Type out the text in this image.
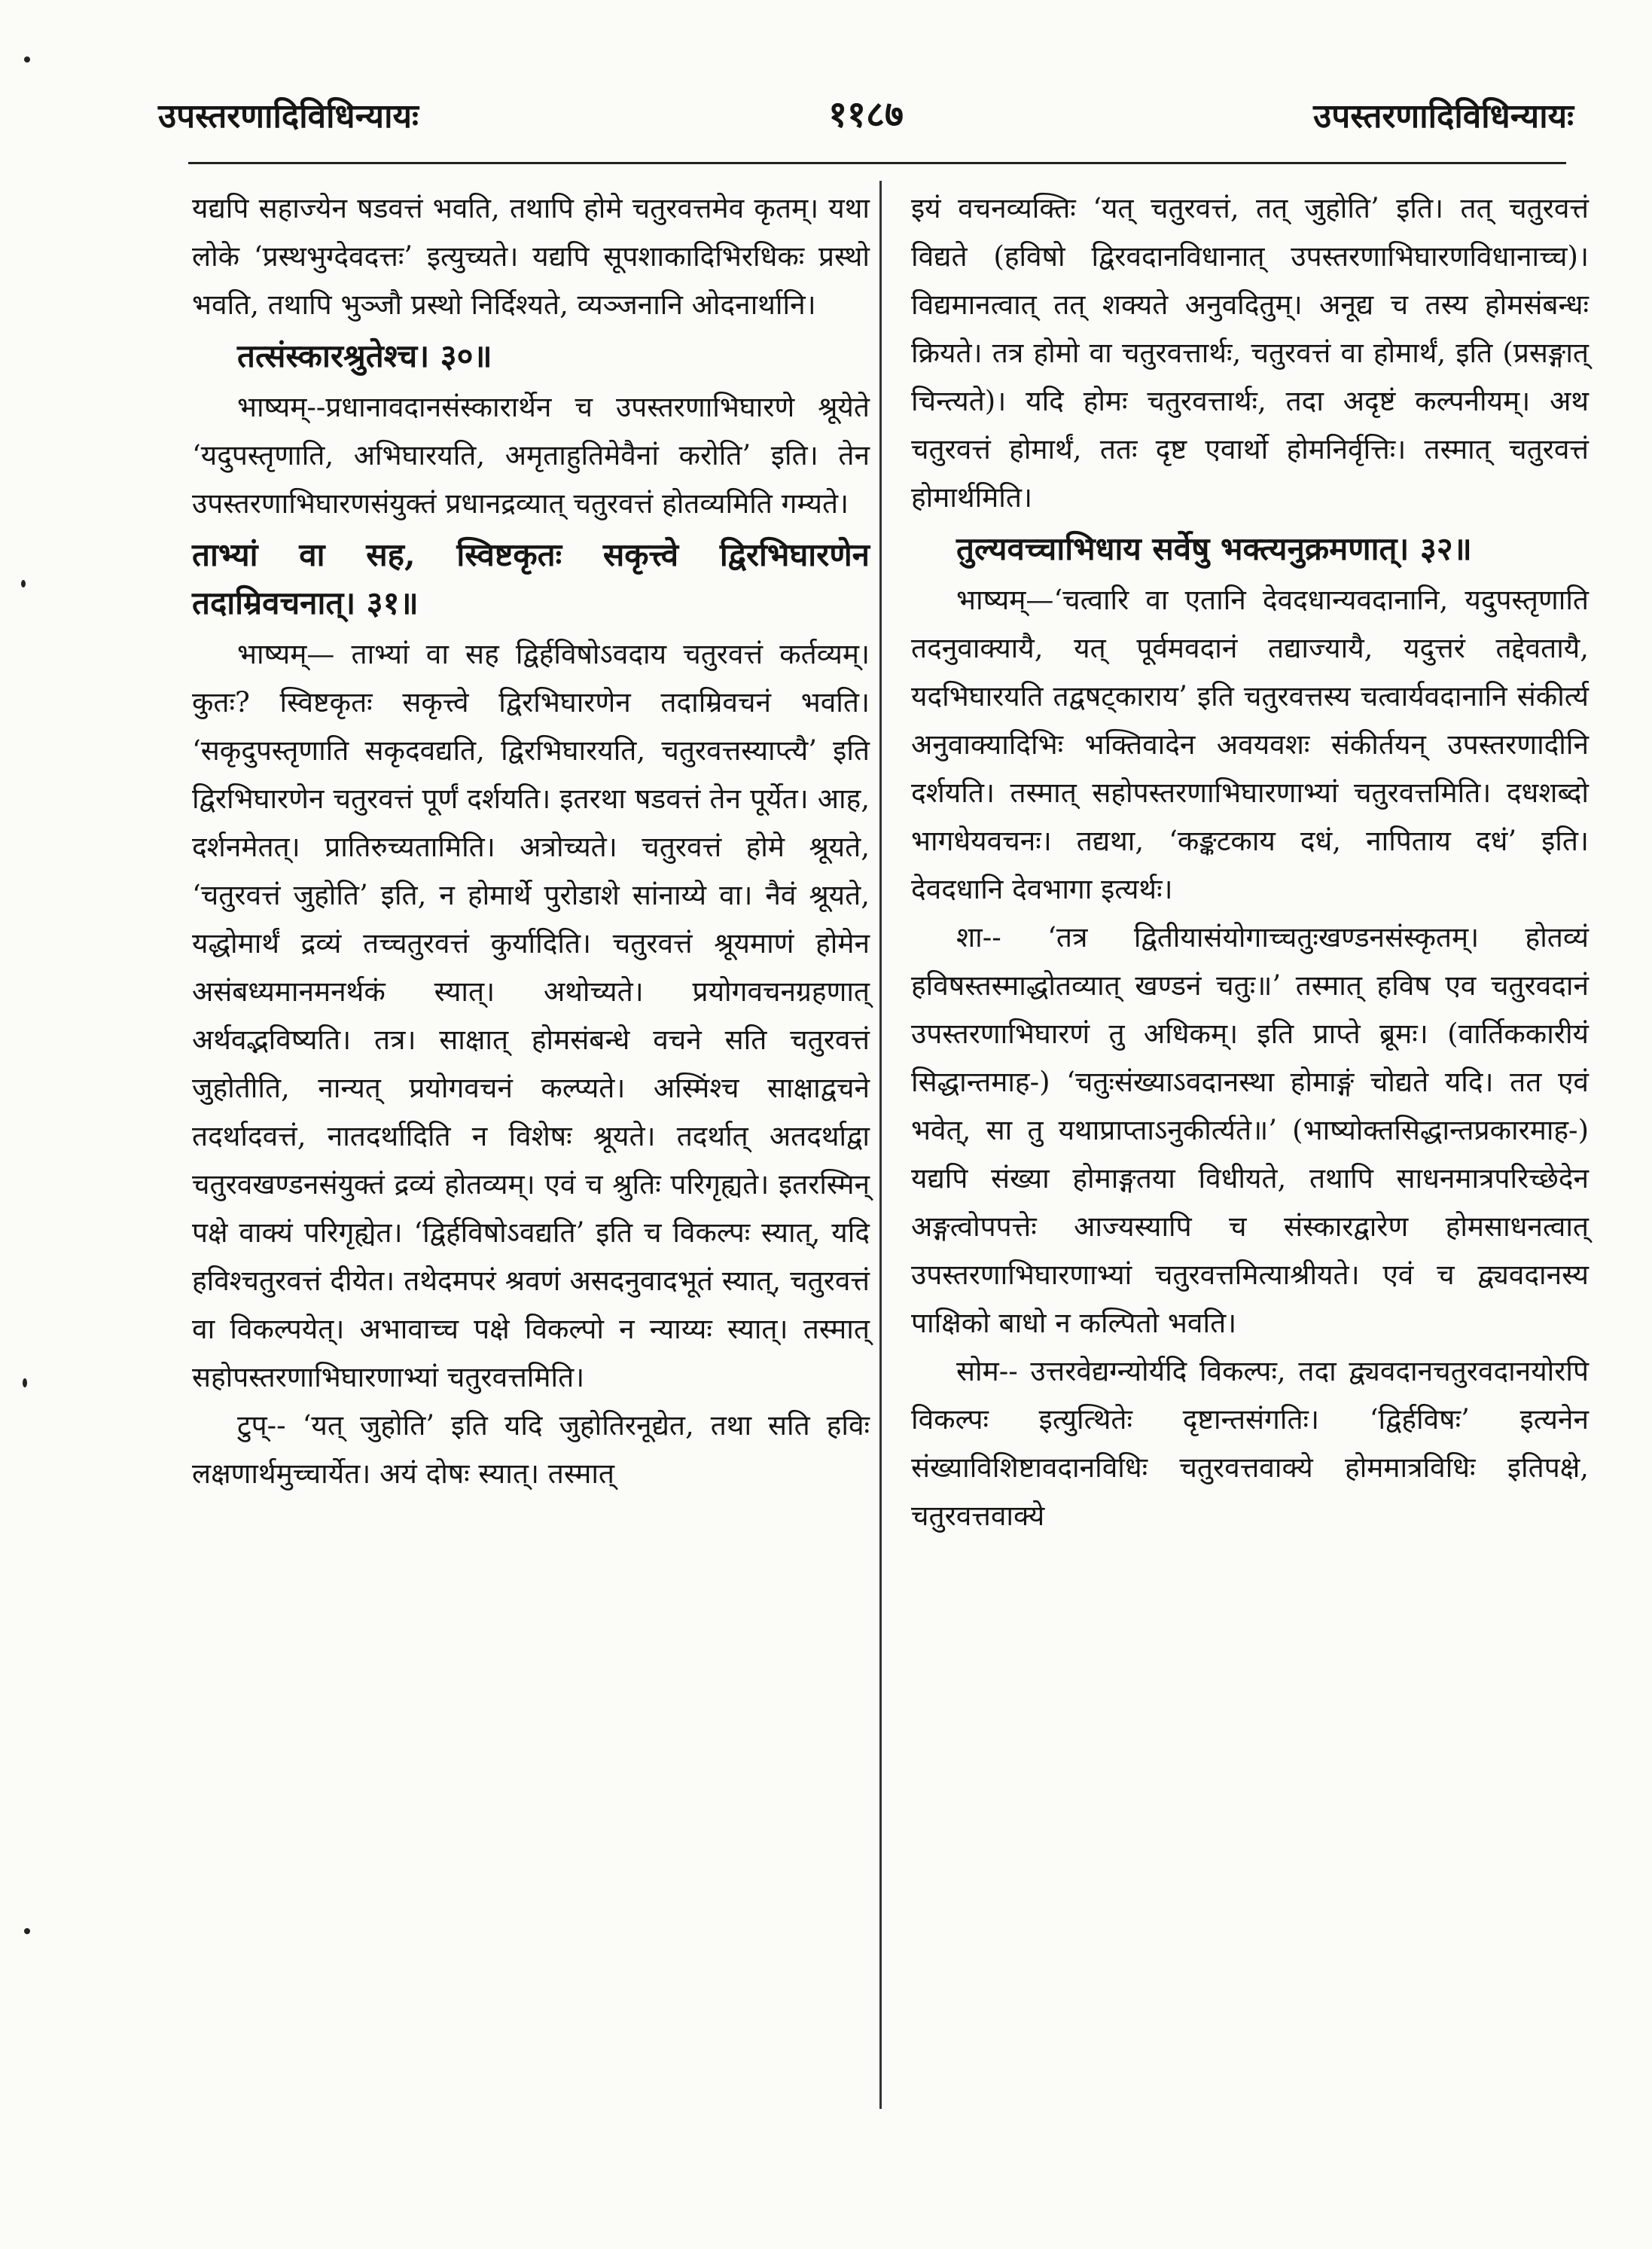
उपस्तरणादिविधिन्यायः	११८७	उपस्तरणादिविधिन्यायः

यद्यपि सहाज्येन षडवत्तं भवति, तथापि होमे चतुरवत्तमेव कृतम्। यथा लोके ‘प्रस्थभुग्देवदत्तः’ इत्युच्यते। यद्यपि सूपशाकादिभिरधिकः प्रस्थो भवति, तथापि भुञ्जौ प्रस्थो निर्दिश्यते, व्यञ्जनानि ओदनार्थानि।

तत्संस्कारश्रुतेश्च। ३०॥

भाष्यम्--प्रधानावदानसंस्कारार्थेन च उपस्तरणाभिघारणे श्रूयेते ‘यदुपस्तृणाति, अभिघारयति, अमृताहुतिमेवैनां करोति’ इति। तेन उपस्तरणाभिघारणसंयुक्तं प्रधानद्रव्यात् चतुरवत्तं होतव्यमिति गम्यते।

ताभ्यां वा सह, स्विष्टकृतः सकृत्त्वे द्विरभिघारणेन तदाम्रिवचनात्। ३१॥

भाष्यम्— ताभ्यां वा सह द्विर्हविषोऽवदाय चतुरवत्तं कर्तव्यम्। कुतः? स्विष्टकृतः सकृत्त्वे द्विरभिघारणेन तदाम्रिवचनं भवति। ‘सकृदुपस्तृणाति सकृदवद्यति, द्विरभिघारयति, चतुरवत्तस्याप्त्यै’ इति द्विरभिघारणेन चतुरवत्तं पूर्णं दर्शयति। इतरथा षडवत्तं तेन पूर्येत। आह, दर्शनमेतत्। प्रातिरुच्यतामिति। अत्रोच्यते। चतुरवत्तं होमे श्रूयते, ‘चतुरवत्तं जुहोति’ इति, न होमार्थे पुरोडाशे सांनाय्ये वा। नैवं श्रूयते, यद्धोमार्थं द्रव्यं तच्चतुरवत्तं कुर्यादिति। चतुरवत्तं श्रूयमाणं होमेन असंबध्यमानमनर्थकं स्यात्। अथोच्यते। प्रयोगवचनग्रहणात् अर्थवद्भविष्यति। तत्र। साक्षात् होमसंबन्धे वचने सति चतुरवत्तं जुहोतीति, नान्यत् प्रयोगवचनं कल्प्यते। अस्मिंश्च साक्षाद्वचने तदर्थादवत्तं, नातदर्थादिति न विशेषः श्रूयते। तदर्थात् अतदर्थाद्वा चतुरवखण्डनसंयुक्तं द्रव्यं होतव्यम्। एवं च श्रुतिः परिगृह्यते। इतरस्मिन् पक्षे वाक्यं परिगृह्येत। ‘द्विर्हविषोऽवद्यति’ इति च विकल्पः स्यात्, यदि हविश्चतुरवत्तं दीयेत। तथेदमपरं श्रवणं असदनुवादभूतं स्यात्, चतुरवत्तं वा विकल्पयेत्। अभावाच्च पक्षे विकल्पो न न्याय्यः स्यात्। तस्मात् सहोपस्तरणाभिघारणाभ्यां चतुरवत्तमिति।

टुप्-- ‘यत् जुहोति’ इति यदि जुहोतिरनूद्येत, तथा सति हविः लक्षणार्थमुच्चार्येत। अयं दोषः स्यात्। तस्मात्

इयं वचनव्यक्तिः ‘यत् चतुरवत्तं, तत् जुहोति’ इति। तत् चतुरवत्तं विद्यते (हविषो द्विरवदानविधानात् उपस्तरणाभिघारणविधानाच्च)। विद्यमानत्वात् तत् शक्यते अनुवदितुम्। अनूद्य च तस्य होमसंबन्धः क्रियते। तत्र होमो वा चतुरवत्तार्थः, चतुरवत्तं वा होमार्थं, इति (प्रसङ्गात् चिन्त्यते)। यदि होमः चतुरवत्तार्थः, तदा अदृष्टं कल्पनीयम्। अथ चतुरवत्तं होमार्थं, ततः दृष्ट एवार्थो होमनिर्वृत्तिः। तस्मात् चतुरवत्तं होमार्थमिति।

तुल्यवच्चाभिधाय सर्वेषु भक्त्यनुक्रमणात्। ३२॥

भाष्यम्—‘चत्वारि वा एतानि देवदधान्यवदानानि, यदुपस्तृणाति तदनुवाक्यायै, यत् पूर्वमवदानं तद्याज्यायै, यदुत्तरं तद्देवतायै, यदभिघारयति तद्वषट्काराय’ इति चतुरवत्तस्य चत्वार्यवदानानि संकीर्त्य अनुवाक्यादिभिः भक्तिवादेन अवयवशः संकीर्तयन् उपस्तरणादीनि दर्शयति। तस्मात् सहोपस्तरणाभिघारणाभ्यां चतुरवत्तमिति। दधशब्दो भागधेयवचनः। तद्यथा, ‘कङ्कटकाय दधं, नापिताय दधं’ इति। देवदधानि देवभागा इत्यर्थः।

शा-- ‘तत्र द्वितीयासंयोगाच्चतुःखण्डनसंस्कृतम्। होतव्यं हविषस्तस्माद्धोतव्यात् खण्डनं चतुः॥’ तस्मात् हविष एव चतुरवदानं उपस्तरणाभिघारणं तु अधिकम्। इति प्राप्ते ब्रूमः। (वार्तिककारीयं सिद्धान्तमाह-) ‘चतुःसंख्याऽवदानस्था होमाङ्गं चोद्यते यदि। तत एवं भवेत्, सा तु यथाप्राप्ताऽनुकीर्त्यते॥’ (भाष्योक्तसिद्धान्तप्रकारमाह-) यद्यपि संख्या होमाङ्गतया विधीयते, तथापि साधनमात्रपरिच्छेदेन अङ्गत्वोपपत्तेः आज्यस्यापि च संस्कारद्वारेण होमसाधनत्वात् उपस्तरणाभिघारणाभ्यां चतुरवत्तमित्याश्रीयते। एवं च द्व्यवदानस्य पाक्षिको बाधो न कल्पितो भवति।

सोम-- उत्तरवेद्यग्न्योर्यदि विकल्पः, तदा द्व्यवदानचतुरवदानयोरपि विकल्पः इत्युत्थितेः दृष्टान्तसंगतिः। ‘द्विर्हविषः’ इत्यनेन संख्याविशिष्टावदानविधिः चतुरवत्तवाक्ये होममात्रविधिः इतिपक्षे, चतुरवत्तवाक्ये
